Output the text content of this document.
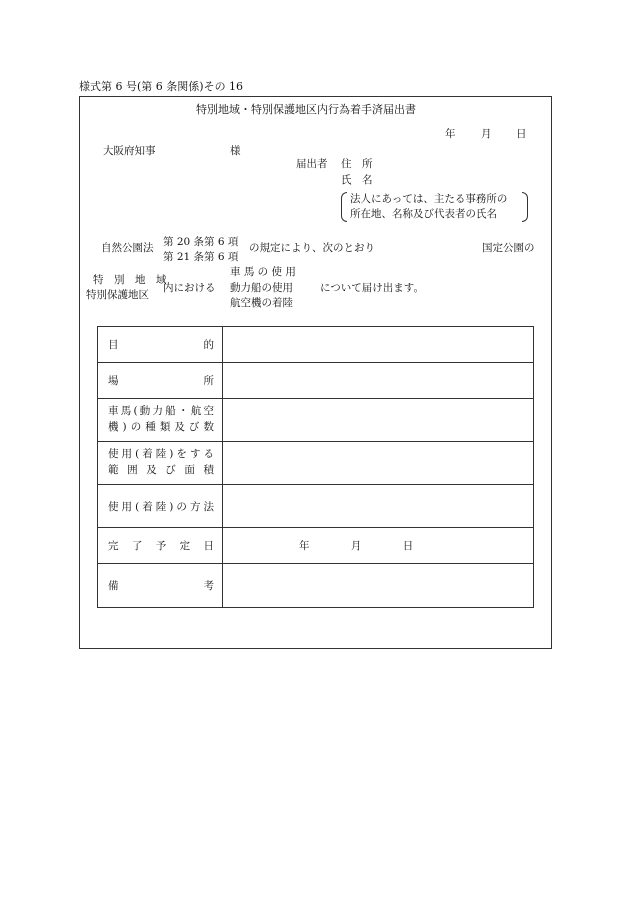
様式第 6 号(第 6 条関係)その 16
特別地域・特別保護地区内行為着手済届出書
年 月 日
大阪府知事	様
届出者 住　所
氏　名
法人にあっては、主たる事務所の
所在地、名称及び代表者の氏名
自然公園法 第 20 条第 6 項
第 21 条第 6 項
の規定により、次のとおり	国定公園の
特　別　地　域
特別保護地区
内における
車 馬 の 使 用
動力船の使用
航空機の着陸
について届け出ます。
目 的	

場 所	

車馬(動力船・航空
機)の種類及び数	

使用(着陸)をする
範囲及び面積	

使用(着陸)の方法	

完 了 予 定 日	年 月 日

備 考	
